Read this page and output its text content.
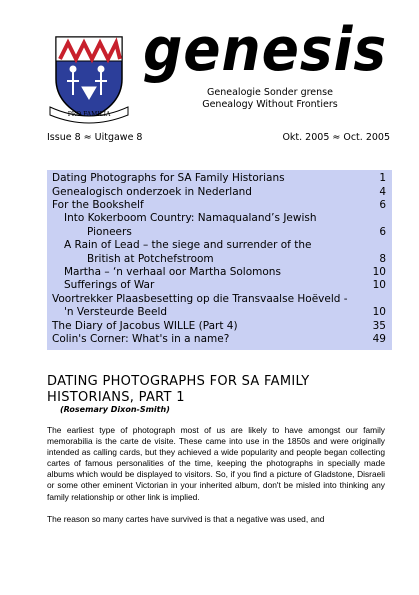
PRO FAMILIA
genesis
Genealogie Sonder grense
Genealogy Without Frontiers
Issue 8 ≈ Uitgawe 8	Okt. 2005 ≈ Oct. 2005
Dating Photographs for SA Family Historians	1
Genealogisch onderzoek in Nederland	4
For the Bookshelf	6
Into Kokerboom Country: Namaqualand’s Jewish
Pioneers	6
A Rain of Lead – the siege and surrender of the
British at Potchefstroom	8
Martha – ‘n verhaal oor Martha Solomons	10
Sufferings of War	10
Voortrekker Plaasbesetting op die Transvaalse Hoëveld -
'n Versteurde Beeld	10
The Diary of Jacobus WILLE (Part 4)	35
Colin's Corner: What's in a name?	49
DATING PHOTOGRAPHS FOR SA FAMILY HISTORIANS, PART 1
(Rosemary Dixon-Smith)
The earliest type of photograph most of us are likely to have amongst our family memorabilia is the carte de visite. These came into use in the 1850s and were originally intended as calling cards, but they achieved a wide popularity and people began collecting cartes of famous personalities of the time, keeping the photographs in specially made albums which would be displayed to visitors. So, if you find a picture of Gladstone, Disraeli or some other eminent Victorian in your inherited album, don't be misled into thinking any family relationship or other link is implied.
The reason so many cartes have survived is that a negative was used, and
